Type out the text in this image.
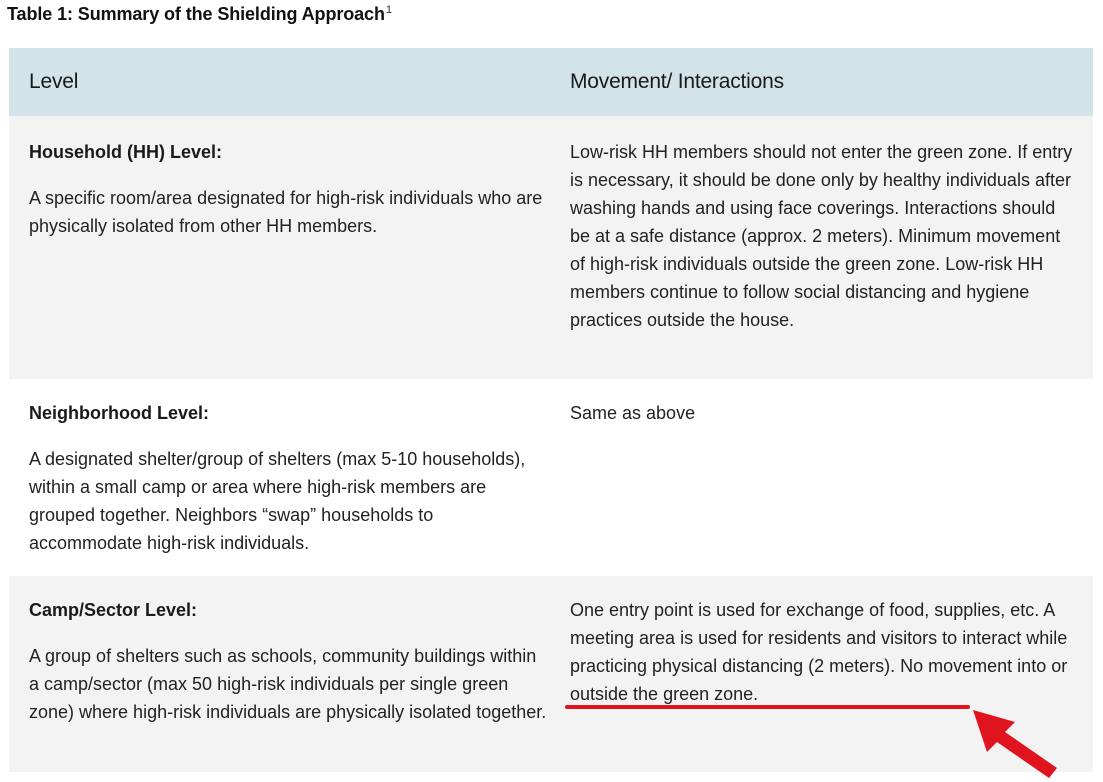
Table 1: Summary of the Shielding Approach$^1$
Level	Movement/ Interactions
Household (HH) Level:
A specific room/area designated for high-risk individuals who are physically isolated from other HH members.
Low-risk HH members should not enter the green zone. If entry is necessary, it should be done only by healthy individuals after washing hands and using face coverings. Interactions should be at a safe distance (approx. 2 meters). Minimum movement of high-risk individuals outside the green zone. Low-risk HH members continue to follow social distancing and hygiene practices outside the house.
Neighborhood Level:
A designated shelter/group of shelters (max 5-10 households), within a small camp or area where high-risk members are grouped together. Neighbors “swap” households to accommodate high-risk individuals.
Same as above
Camp/Sector Level:
A group of shelters such as schools, community buildings within a camp/sector (max 50 high-risk individuals per single green zone) where high-risk individuals are physically isolated together.
One entry point is used for exchange of food, supplies, etc. A meeting area is used for residents and visitors to interact while practicing physical distancing (2 meters). No movement into or outside the green zone.
